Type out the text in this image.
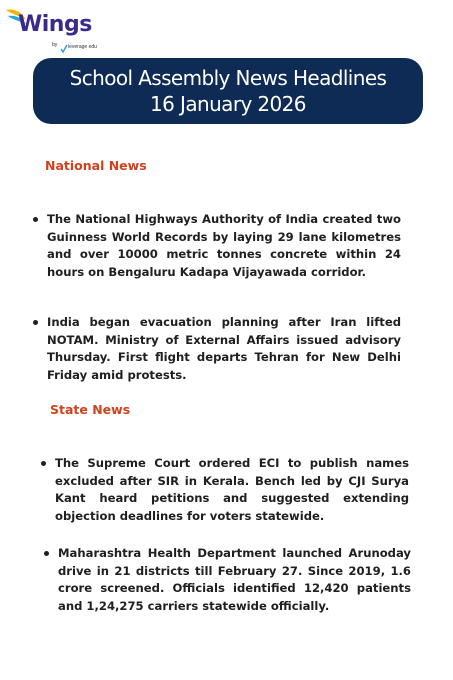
Wings
by leverage edu
School Assembly News Headlines
16 January 2026
National News
The National Highways Authority of India created two Guinness World Records by laying 29 lane kilometres and over 10000 metric tonnes concrete within 24 hours on Bengaluru Kadapa Vijayawada corridor.
India began evacuation planning after Iran lifted NOTAM. Ministry of External Affairs issued advisory Thursday. First flight departs Tehran for New Delhi Friday amid protests.
State News
The Supreme Court ordered ECI to publish names excluded after SIR in Kerala. Bench led by CJI Surya Kant heard petitions and suggested extending objection deadlines for voters statewide.
Maharashtra Health Department launched Arunoday drive in 21 districts till February 27. Since 2019, 1.6 crore screened. Officials identified 12,420 patients and 1,24,275 carriers statewide officially.
